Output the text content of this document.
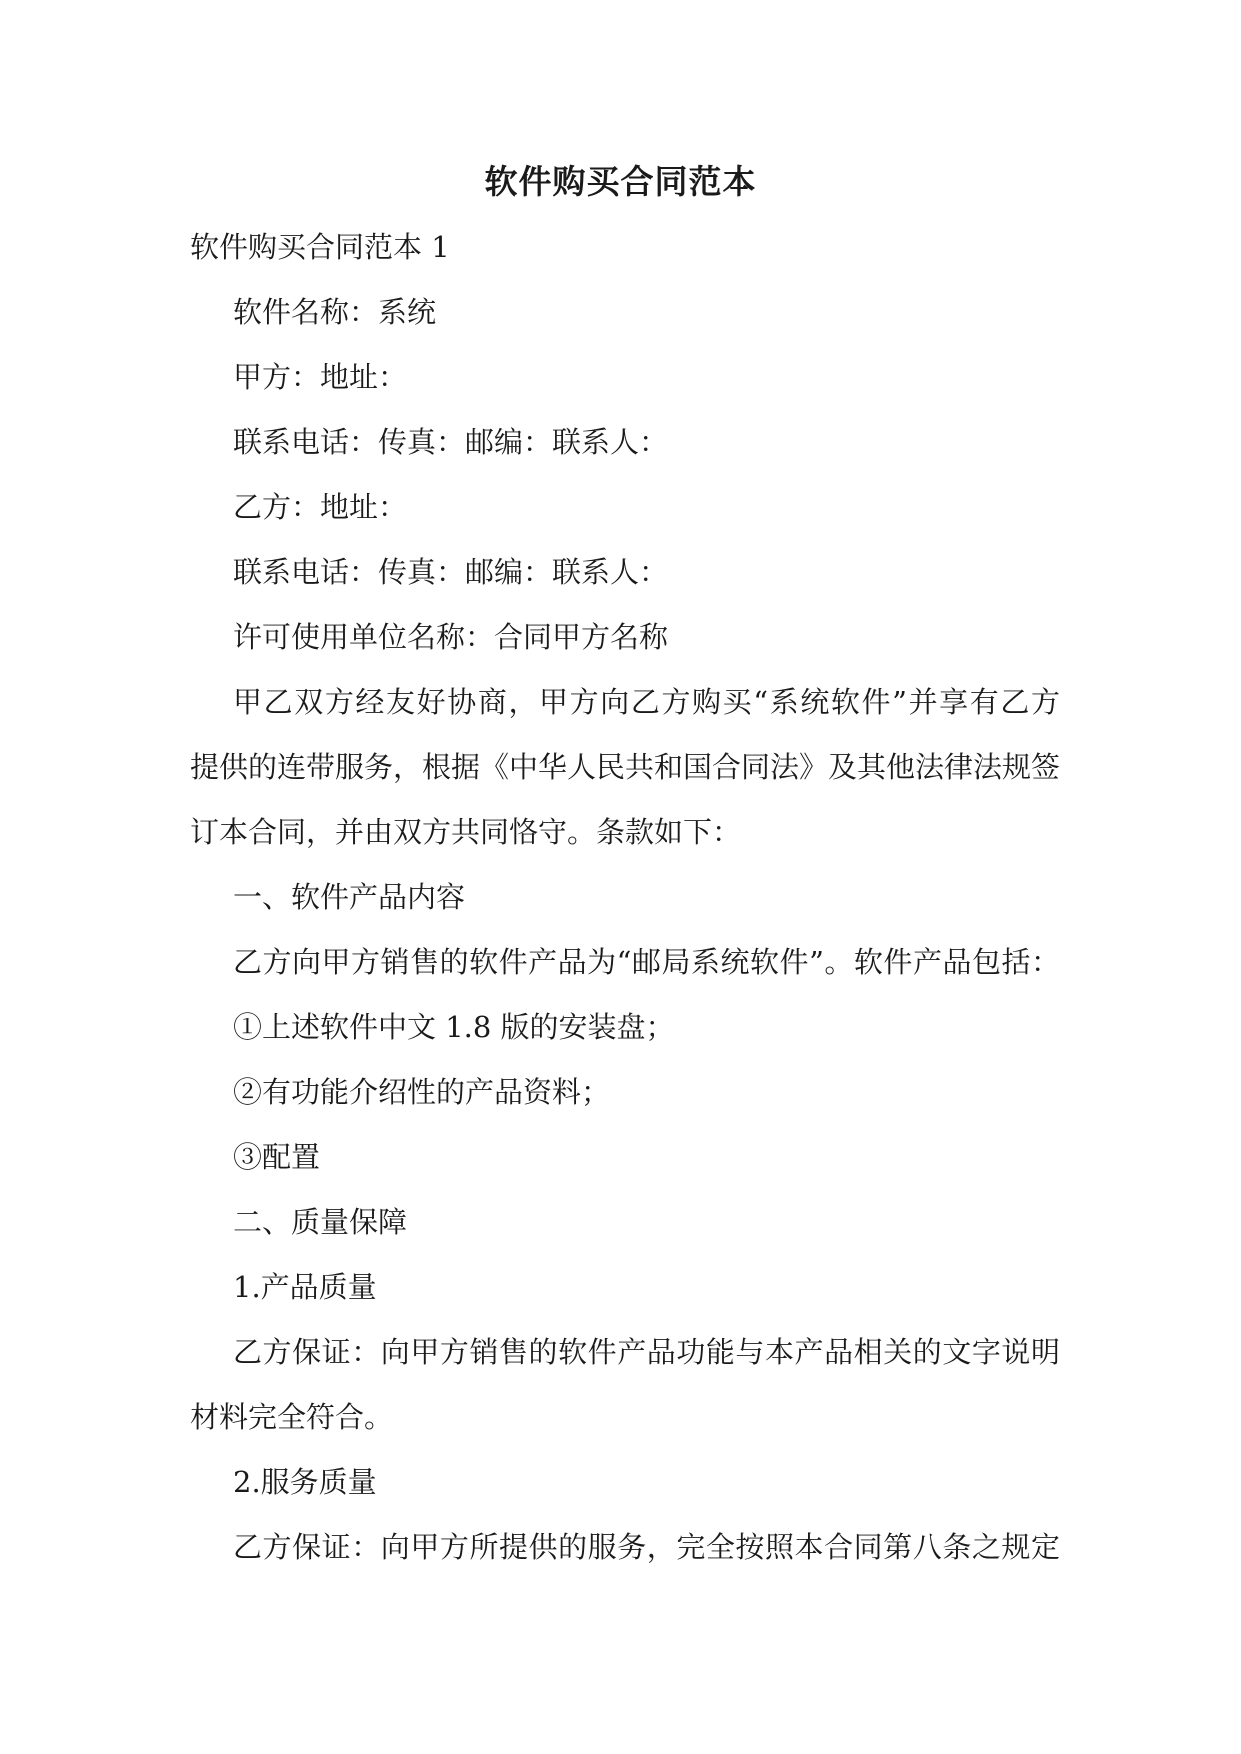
软件购买合同范本

软件购买合同范本 1

软件名称：系统

甲方：地址：

联系电话：传真：邮编：联系人：

乙方：地址：

联系电话：传真：邮编：联系人：

许可使用单位名称：合同甲方名称

甲乙双方经友好协商，甲方向乙方购买“系统软件”并享有乙方

提供的连带服务，根据《中华人民共和国合同法》及其他法律法规签

订本合同，并由双方共同恪守。条款如下：

一、软件产品内容

乙方向甲方销售的软件产品为“邮局系统软件”。软件产品包括：

①上述软件中文 1.8 版的安装盘；

②有功能介绍性的产品资料；

③配置

二、质量保障

1.产品质量

乙方保证：向甲方销售的软件产品功能与本产品相关的文字说明

材料完全符合。

2.服务质量

乙方保证：向甲方所提供的服务，完全按照本合同第八条之规定
